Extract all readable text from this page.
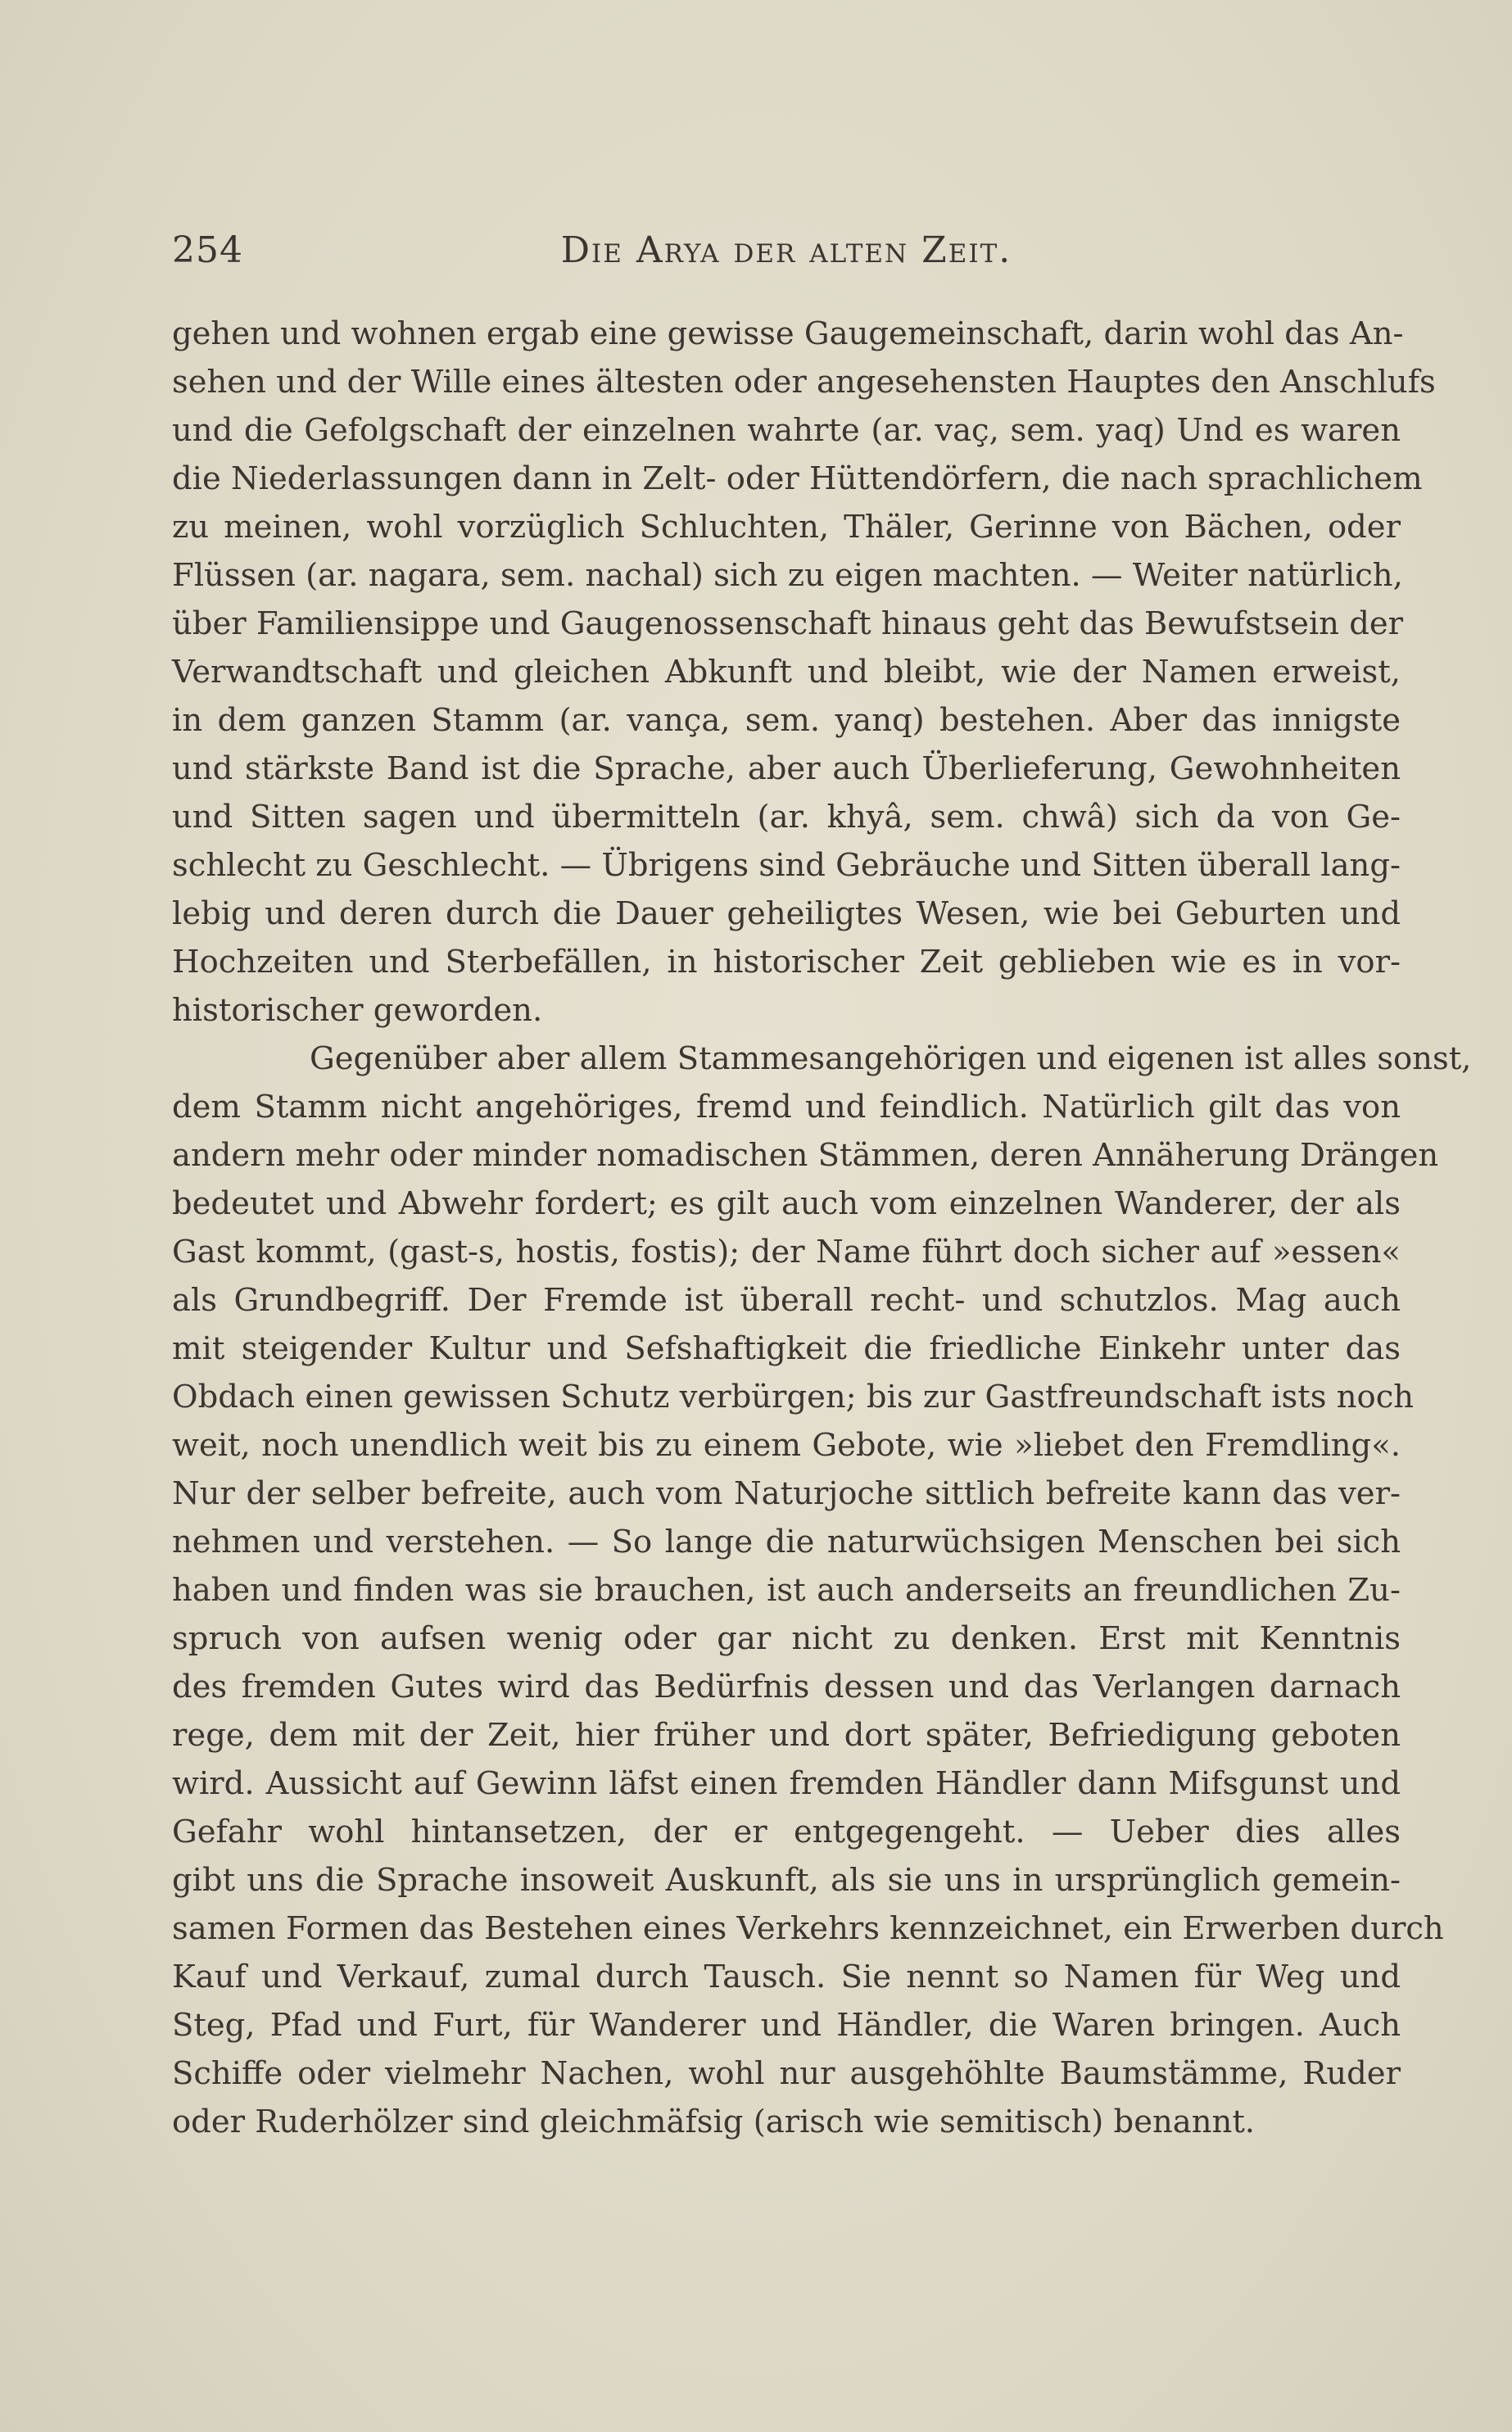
254	Die Arya der alten Zeit.
gehen und wohnen ergab eine gewisse Gaugemeinschaft, darin wohl das An-
sehen und der Wille eines ältesten oder angesehensten Hauptes den Anschlufs
und die Gefolgschaft der einzelnen wahrte (ar. vaç, sem. yaq) Und es waren
die Niederlassungen dann in Zelt- oder Hüttendörfern, die nach sprachlichem
zu meinen, wohl vorzüglich Schluchten, Thäler, Gerinne von Bächen, oder
Flüssen (ar. nagara, sem. nachal) sich zu eigen machten. — Weiter natürlich,
über Familiensippe und Gaugenossenschaft hinaus geht das Bewufstsein der
Verwandtschaft und gleichen Abkunft und bleibt, wie der Namen erweist,
in dem ganzen Stamm (ar. vança, sem. yanq) bestehen. Aber das innigste
und stärkste Band ist die Sprache, aber auch Überlieferung, Gewohnheiten
und Sitten sagen und übermitteln (ar. khyâ, sem. chwâ) sich da von Ge-
schlecht zu Geschlecht. — Übrigens sind Gebräuche und Sitten überall lang-
lebig und deren durch die Dauer geheiligtes Wesen, wie bei Geburten und
Hochzeiten und Sterbefällen, in historischer Zeit geblieben wie es in vor-
historischer geworden.
Gegenüber aber allem Stammesangehörigen und eigenen ist alles sonst,
dem Stamm nicht angehöriges, fremd und feindlich. Natürlich gilt das von
andern mehr oder minder nomadischen Stämmen, deren Annäherung Drängen
bedeutet und Abwehr fordert; es gilt auch vom einzelnen Wanderer, der als
Gast kommt, (gast-s, hostis, fostis); der Name führt doch sicher auf »essen«
als Grundbegriff. Der Fremde ist überall recht- und schutzlos. Mag auch
mit steigender Kultur und Sefshaftigkeit die friedliche Einkehr unter das
Obdach einen gewissen Schutz verbürgen; bis zur Gastfreundschaft ists noch
weit, noch unendlich weit bis zu einem Gebote, wie »liebet den Fremdling«.
Nur der selber befreite, auch vom Naturjoche sittlich befreite kann das ver-
nehmen und verstehen. — So lange die naturwüchsigen Menschen bei sich
haben und finden was sie brauchen, ist auch anderseits an freundlichen Zu-
spruch von aufsen wenig oder gar nicht zu denken. Erst mit Kenntnis
des fremden Gutes wird das Bedürfnis dessen und das Verlangen darnach
rege, dem mit der Zeit, hier früher und dort später, Befriedigung geboten
wird. Aussicht auf Gewinn läfst einen fremden Händler dann Mifsgunst und
Gefahr wohl hintansetzen, der er entgegengeht. — Ueber dies alles
gibt uns die Sprache insoweit Auskunft, als sie uns in ursprünglich gemein-
samen Formen das Bestehen eines Verkehrs kennzeichnet, ein Erwerben durch
Kauf und Verkauf, zumal durch Tausch. Sie nennt so Namen für Weg und
Steg, Pfad und Furt, für Wanderer und Händler, die Waren bringen. Auch
Schiffe oder vielmehr Nachen, wohl nur ausgehöhlte Baumstämme, Ruder
oder Ruderhölzer sind gleichmäfsig (arisch wie semitisch) benannt.
